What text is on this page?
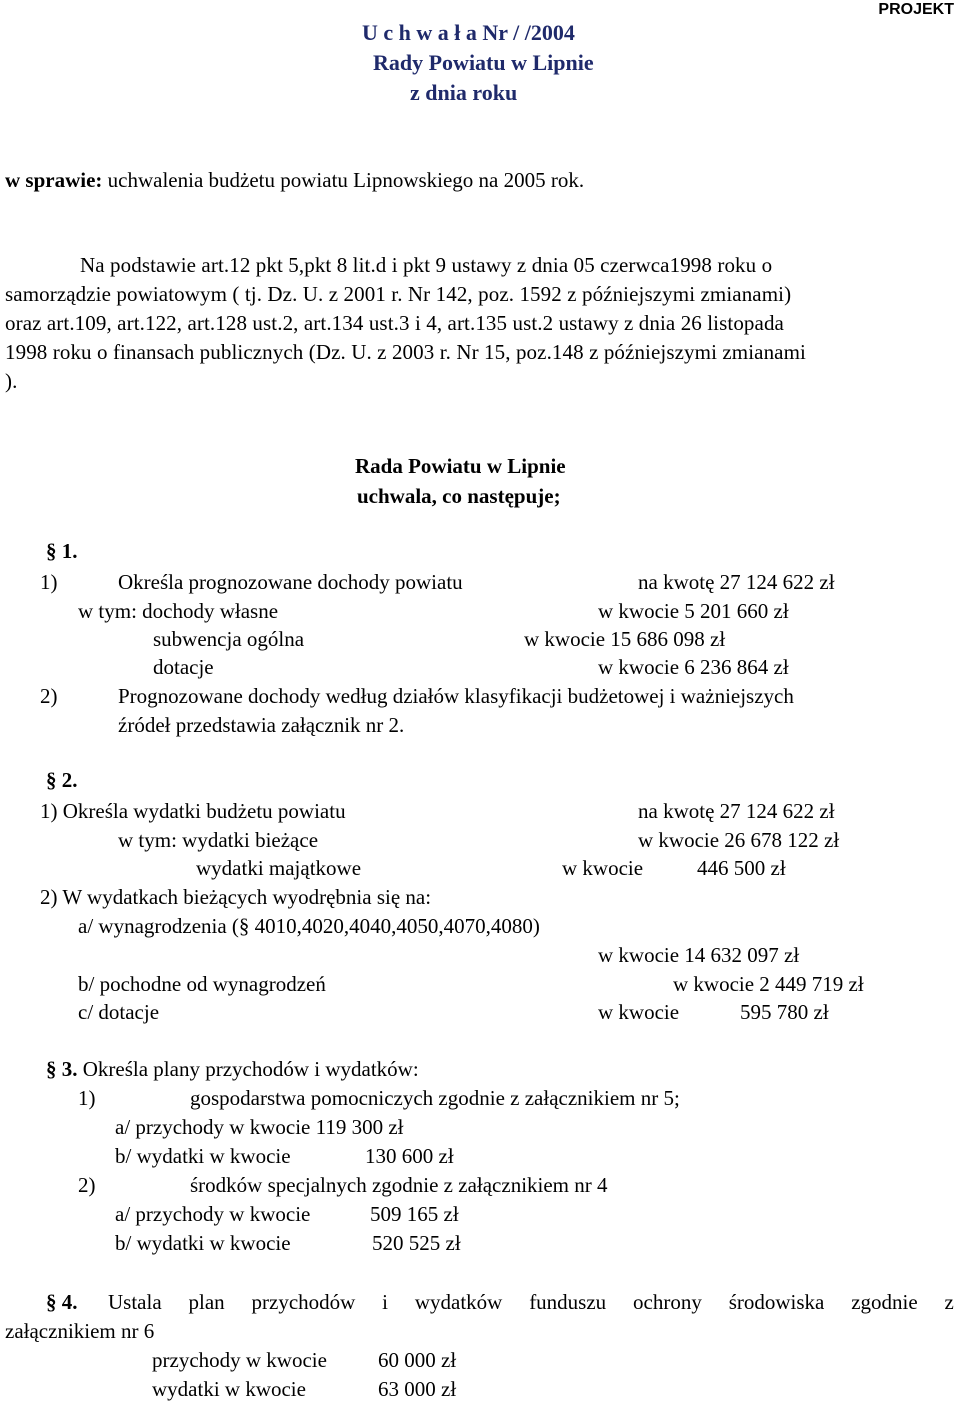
PROJEKT
U c h w a ł a Nr / /2004
Rady Powiatu w Lipnie
z dnia roku
w sprawie: uchwalenia budżetu powiatu Lipnowskiego na 2005 rok.
Na podstawie art.12 pkt 5,pkt 8 lit.d i pkt 9 ustawy z dnia 05 czerwca1998 roku o
samorządzie powiatowym ( tj. Dz. U. z 2001 r. Nr 142, poz. 1592 z późniejszymi zmianami)
oraz art.109, art.122, art.128 ust.2, art.134 ust.3 i 4, art.135 ust.2 ustawy z dnia 26 listopada
1998 roku o finansach publicznych (Dz. U. z 2003 r. Nr 15, poz.148 z późniejszymi zmianami
).
Rada Powiatu w Lipnie
uchwala, co następuje;
§ 1.
1)	Określa prognozowane dochody powiatu	na kwotę 27 124 622 zł
w tym: dochody własne	w kwocie 5 201 660 zł
subwencja ogólna	w kwocie 15 686 098 zł
dotacje	w kwocie 6 236 864 zł
2)	Prognozowane dochody według działów klasyfikacji budżetowej i ważniejszych
źródeł przedstawia załącznik nr 2.
§ 2.
1) Określa wydatki budżetu powiatu	na kwotę 27 124 622 zł
w tym: wydatki bieżące	w kwocie 26 678 122 zł
wydatki majątkowe	w kwocie	446 500 zł
2) W wydatkach bieżących wyodrębnia się na:
a/ wynagrodzenia (§ 4010,4020,4040,4050,4070,4080)
w kwocie 14 632 097 zł
b/ pochodne od wynagrodzeń	w kwocie 2 449 719 zł
c/ dotacje	w kwocie	595 780 zł
§ 3. Określa plany przychodów i wydatków:
1)	gospodarstwa pomocniczych zgodnie z załącznikiem nr 5;
a/ przychody w kwocie 119 300 zł
b/ wydatki w kwocie	130 600 zł
2)	środków specjalnych zgodnie z załącznikiem nr 4
a/ przychody w kwocie	509 165 zł
b/ wydatki w kwocie	520 525 zł
§ 4. Ustala plan przychodów i wydatków funduszu ochrony środowiska zgodnie z
załącznikiem nr 6
przychody w kwocie 60 000 zł
wydatki w kwocie	63 000 zł
